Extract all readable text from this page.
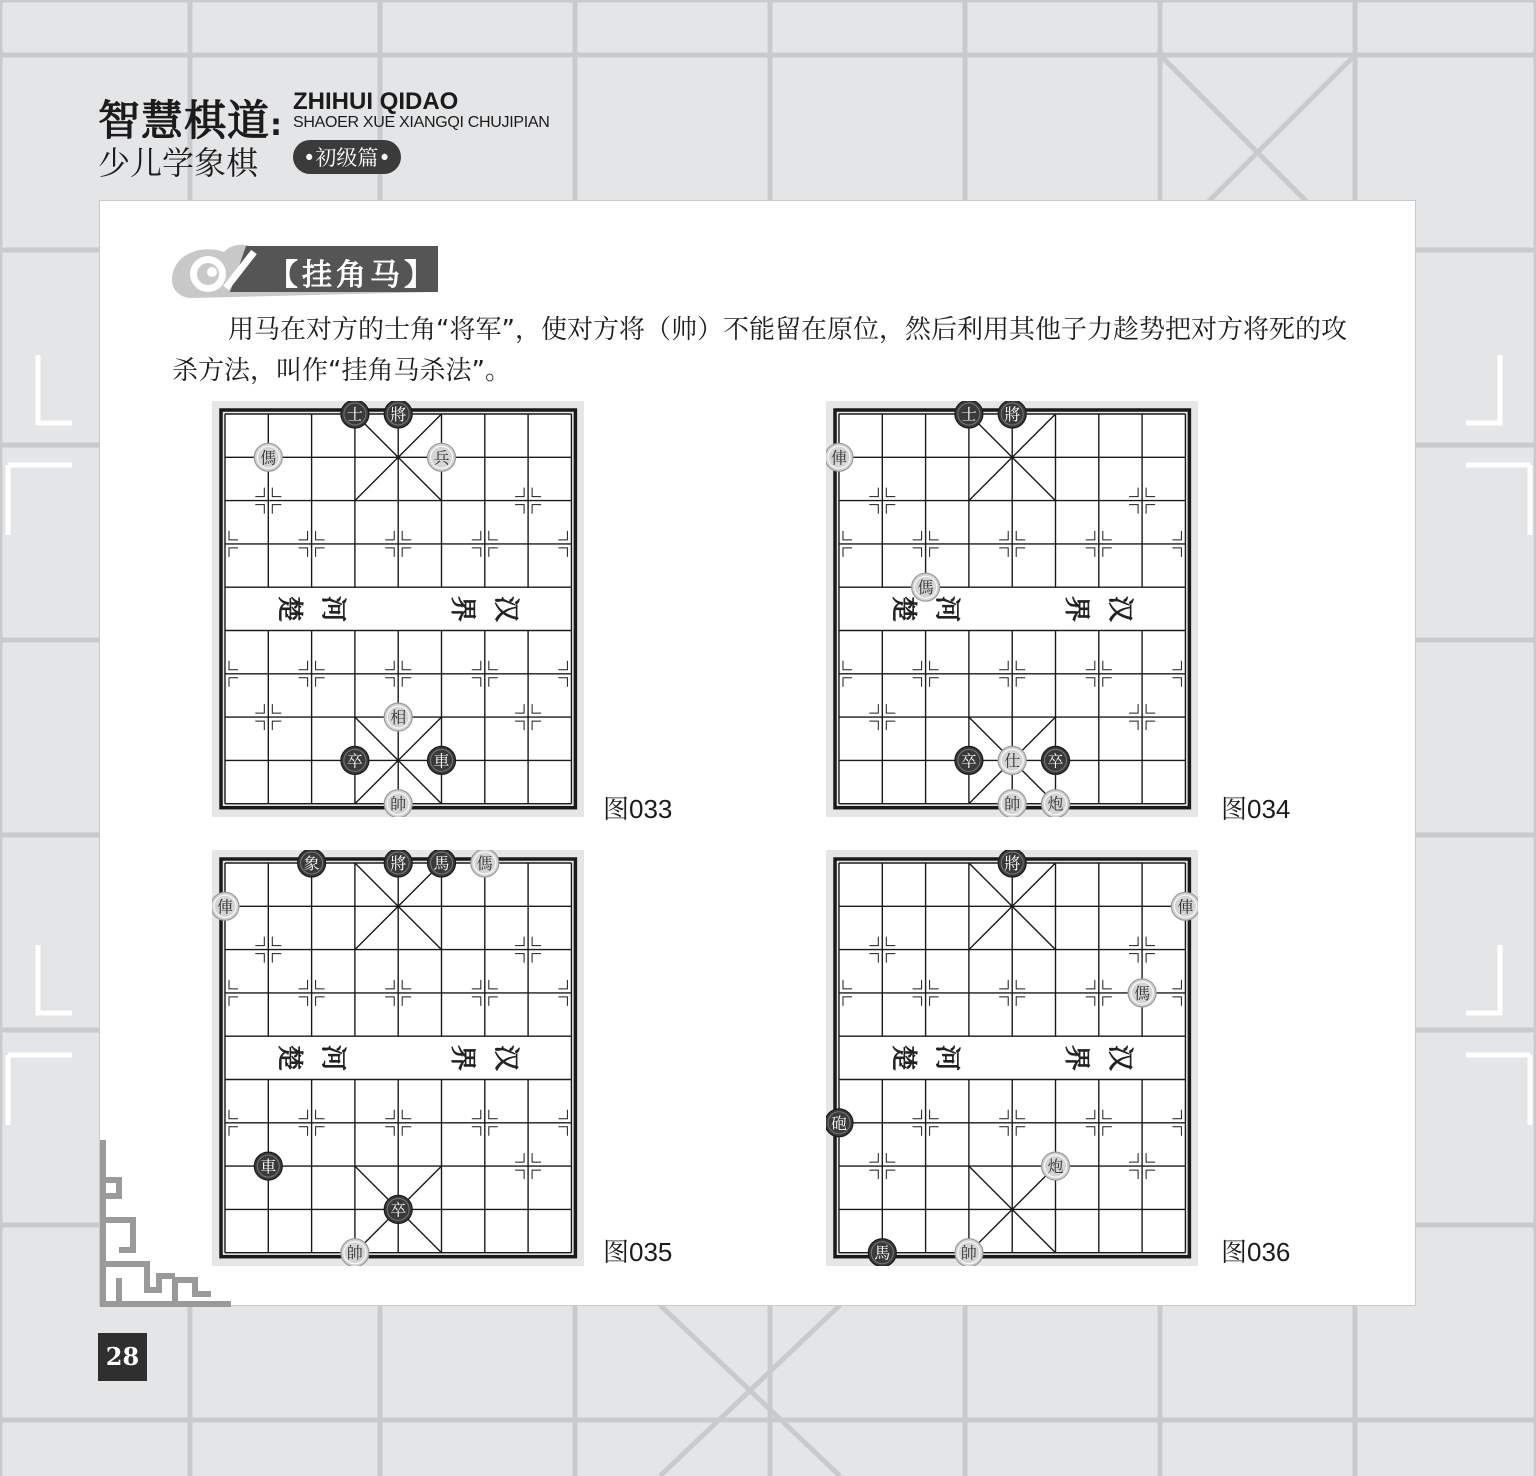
智慧棋道:
ZHIHUI QIDAO
SHAOER XUE XIANGQI CHUJIPIAN
少儿学象棋	•初级篇•
【挂角马】
用马在对方的士角“将军”，使对方将（帅）不能留在原位，然后利用其他子力趁势把对方将死的攻杀方法，叫作“挂角马杀法”。
楚 河	界 汉
士 將
傌	兵
相
卒	車
帥	图033
楚 河	界 汉
士 將
俥
傌
卒 仕 卒
帥 炮	图034
楚 河	界 汉
象	將 馬 傌
俥
車
卒
帥	图035
楚 河	界 汉
將
俥
傌
砲
炮
馬	帥	图036
28
